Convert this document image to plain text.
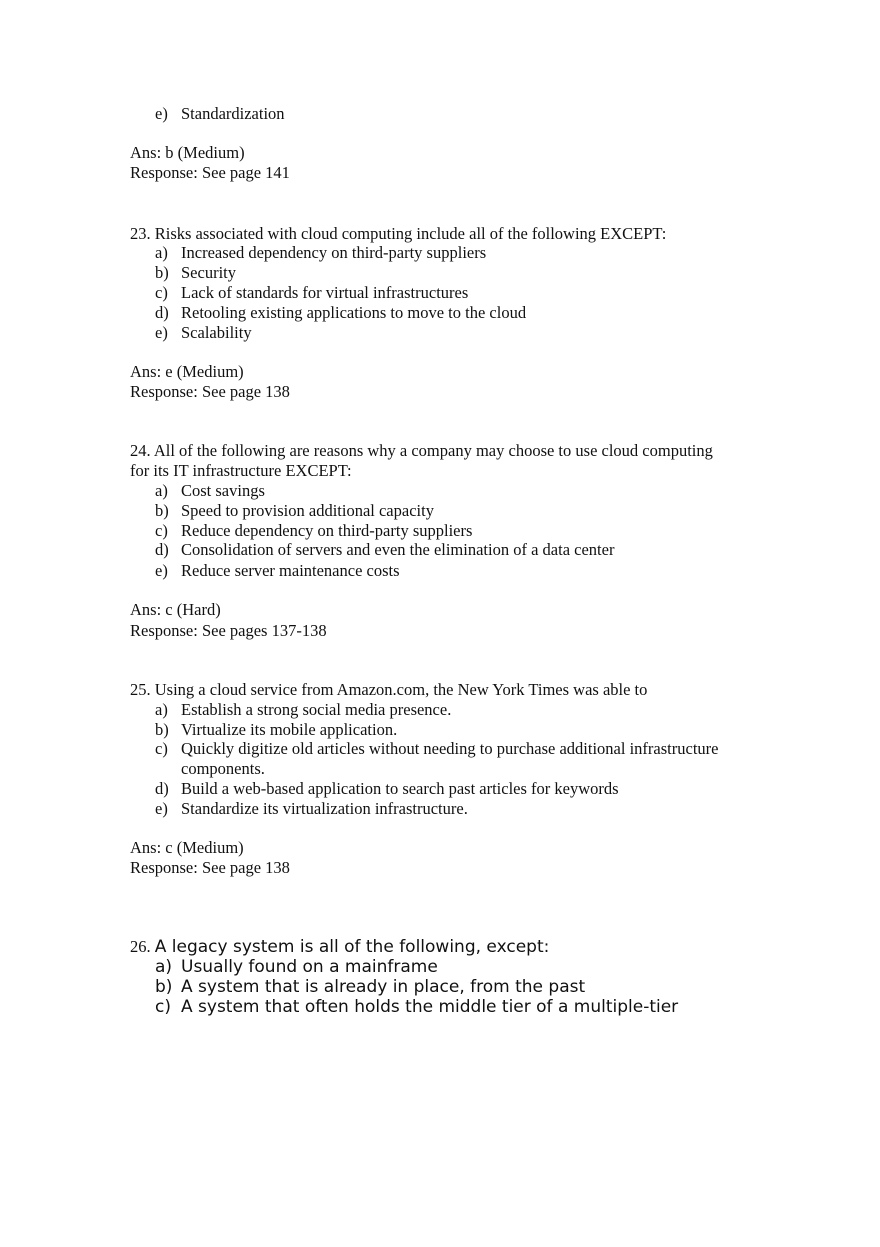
e) Standardization
Ans: b (Medium)
Response: See page 141
23. Risks associated with cloud computing include all of the following EXCEPT:
a) Increased dependency on third-party suppliers
b) Security
c) Lack of standards for virtual infrastructures
d) Retooling existing applications to move to the cloud
e) Scalability
Ans: e (Medium)
Response: See page 138
24. All of the following are reasons why a company may choose to use cloud computing
for its IT infrastructure EXCEPT:
a) Cost savings
b) Speed to provision additional capacity
c) Reduce dependency on third-party suppliers
d) Consolidation of servers and even the elimination of a data center
e) Reduce server maintenance costs
Ans: c (Hard)
Response: See pages 137-138
25. Using a cloud service from Amazon.com, the New York Times was able to
a) Establish a strong social media presence.
b) Virtualize its mobile application.
c) Quickly digitize old articles without needing to purchase additional infrastructure
components.
d) Build a web-based application to search past articles for keywords
e) Standardize its virtualization infrastructure.
Ans: c (Medium)
Response: See page 138
26. A legacy system is all of the following, except:
a) Usually found on a mainframe
b) A system that is already in place, from the past
c) A system that often holds the middle tier of a multiple-tier
